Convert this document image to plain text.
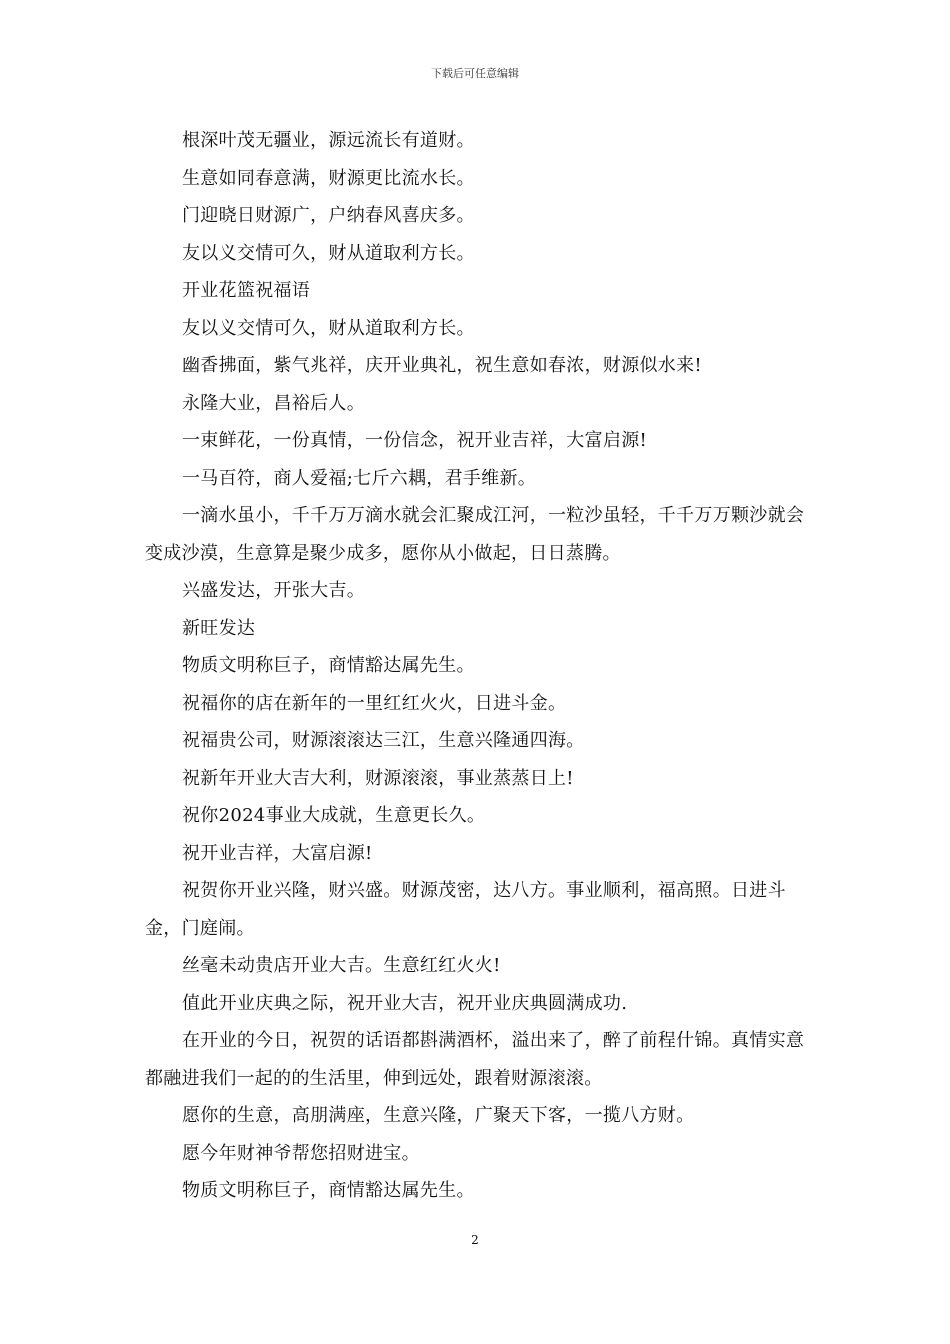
下载后可任意编辑

根深叶茂无疆业，源远流长有道财。

生意如同春意满，财源更比流水长。

门迎晓日财源广，户纳春风喜庆多。

友以义交情可久，财从道取利方长。

开业花篮祝福语

友以义交情可久，财从道取利方长。

幽香拂面，紫气兆祥，庆开业典礼，祝生意如春浓，财源似水来!

永隆大业，昌裕后人。

一束鲜花，一份真情，一份信念，祝开业吉祥，大富启源!

一马百符，商人爱福;七斤六耦，君手维新。

一滴水虽小，千千万万滴水就会汇聚成江河，一粒沙虽轻，千千万万颗沙就会变成沙漠，生意算是聚少成多，愿你从小做起，日日蒸腾。

兴盛发达，开张大吉。

新旺发达

物质文明称巨子，商情豁达属先生。

祝福你的店在新年的一里红红火火，日进斗金。

祝福贵公司，财源滚滚达三江，生意兴隆通四海。

祝新年开业大吉大利，财源滚滚，事业蒸蒸日上!

祝你2024事业大成就，生意更长久。

祝开业吉祥，大富启源!

祝贺你开业兴隆，财兴盛。财源茂密，达八方。事业顺利，福高照。日进斗金，门庭闹。

丝毫未动贵店开业大吉。生意红红火火!

值此开业庆典之际，祝开业大吉，祝开业庆典圆满成功.

在开业的今日，祝贺的话语都斟满酒杯，溢出来了，醉了前程什锦。真情实意都融进我们一起的的生活里，伸到远处，跟着财源滚滚。

愿你的生意，高朋满座，生意兴隆，广聚天下客，一揽八方财。

愿今年财神爷帮您招财进宝。

物质文明称巨子，商情豁达属先生。

2
